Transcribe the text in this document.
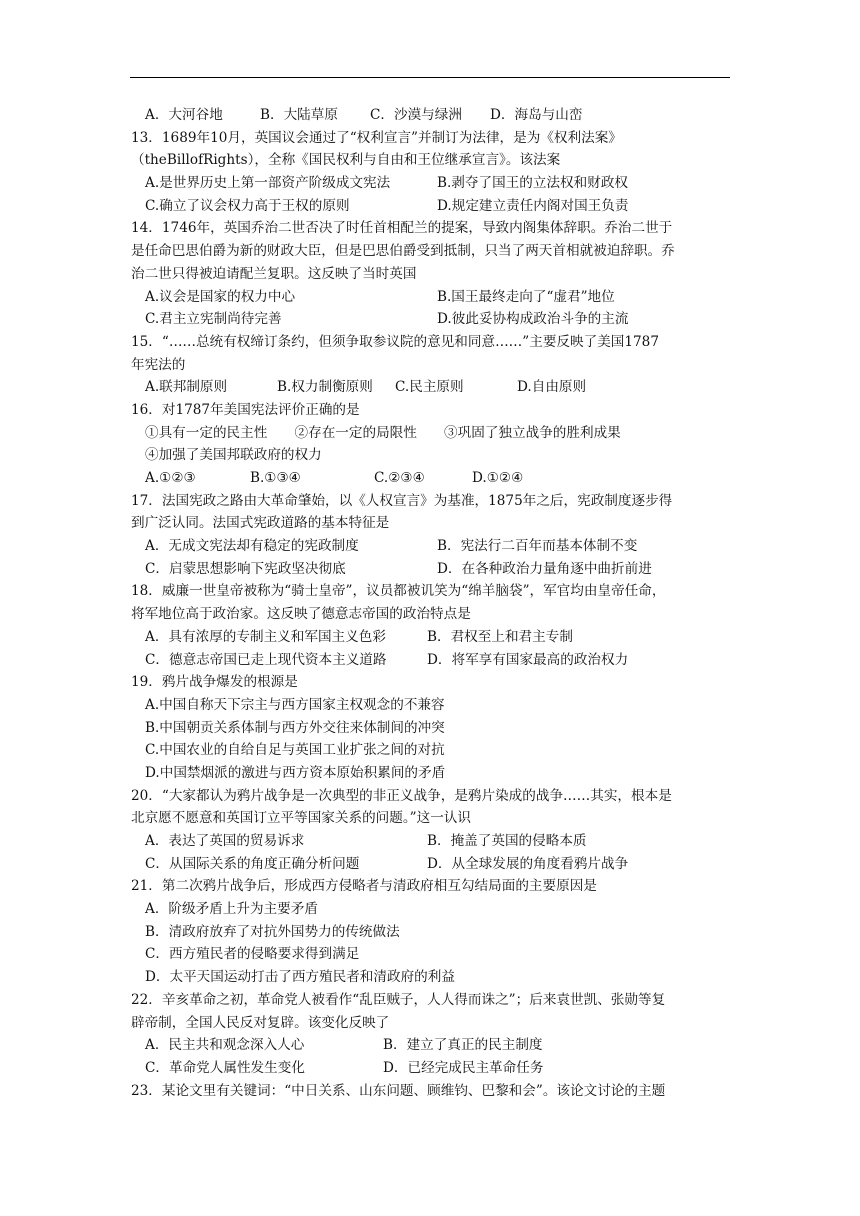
A．大河谷地	B．大陆草原	C．沙漠与绿洲	D．海岛与山峦
13．1689年10月，英国议会通过了“权利宣言”并制订为法律，是为《权利法案》
（theBillofRights），全称《国民权利与自由和王位继承宣言》。该法案
A.是世界历史上第一部资产阶级成文宪法	B.剥夺了国王的立法权和财政权
C.确立了议会权力高于王权的原则	D.规定建立责任内阁对国王负责
14．1746年，英国乔治二世否决了时任首相配兰的提案，导致内阁集体辞职。乔治二世于
是任命巴思伯爵为新的财政大臣，但是巴思伯爵受到抵制，只当了两天首相就被迫辞职。乔
治二世只得被迫请配兰复职。这反映了当时英国
A.议会是国家的权力中心	B.国王最终走向了“虚君”地位
C.君主立宪制尚待完善	D.彼此妥协构成政治斗争的主流
15．“……总统有权缔订条约，但须争取参议院的意见和同意……”主要反映了美国1787
年宪法的
A.联邦制原则	B.权力制衡原则	C.民主原则	D.自由原则
16．对1787年美国宪法评价正确的是
①具有一定的民主性　　②存在一定的局限性　　③巩固了独立战争的胜利成果
④加强了美国邦联政府的权力
A.①②③	B.①③④	C.②③④	D.①②④
17．法国宪政之路由大革命肇始，以《人权宣言》为基准，1875年之后，宪政制度逐步得
到广泛认同。法国式宪政道路的基本特征是
A．无成文宪法却有稳定的宪政制度	B．宪法行二百年而基本体制不变
C．启蒙思想影响下宪政坚决彻底	D．在各种政治力量角逐中曲折前进
18．威廉一世皇帝被称为“骑士皇帝”，议员都被讥笑为“绵羊脑袋”，军官均由皇帝任命，
将军地位高于政治家。这反映了德意志帝国的政治特点是
A．具有浓厚的专制主义和军国主义色彩	B．君权至上和君主专制
C．德意志帝国已走上现代资本主义道路	D．将军享有国家最高的政治权力
19．鸦片战争爆发的根源是
A.中国自称天下宗主与西方国家主权观念的不兼容
B.中国朝贡关系体制与西方外交往来体制间的冲突
C.中国农业的自给自足与英国工业扩张之间的对抗
D.中国禁烟派的激进与西方资本原始积累间的矛盾
20．“大家都认为鸦片战争是一次典型的非正义战争，是鸦片染成的战争……其实，根本是
北京愿不愿意和英国订立平等国家关系的问题。”这一认识
A．表达了英国的贸易诉求	B．掩盖了英国的侵略本质
C．从国际关系的角度正确分析问题	D．从全球发展的角度看鸦片战争
21．第二次鸦片战争后，形成西方侵略者与清政府相互勾结局面的主要原因是
A．阶级矛盾上升为主要矛盾
B．清政府放弃了对抗外国势力的传统做法
C．西方殖民者的侵略要求得到满足
D．太平天国运动打击了西方殖民者和清政府的利益
22．辛亥革命之初，革命党人被看作“乱臣贼子，人人得而诛之”；后来袁世凯、张勋等复
辟帝制，全国人民反对复辟。该变化反映了
A．民主共和观念深入人心	B．建立了真正的民主制度
C．革命党人属性发生变化	D．已经完成民主革命任务
23．某论文里有关键词：“中日关系、山东问题、顾维钧、巴黎和会”。该论文讨论的主题
